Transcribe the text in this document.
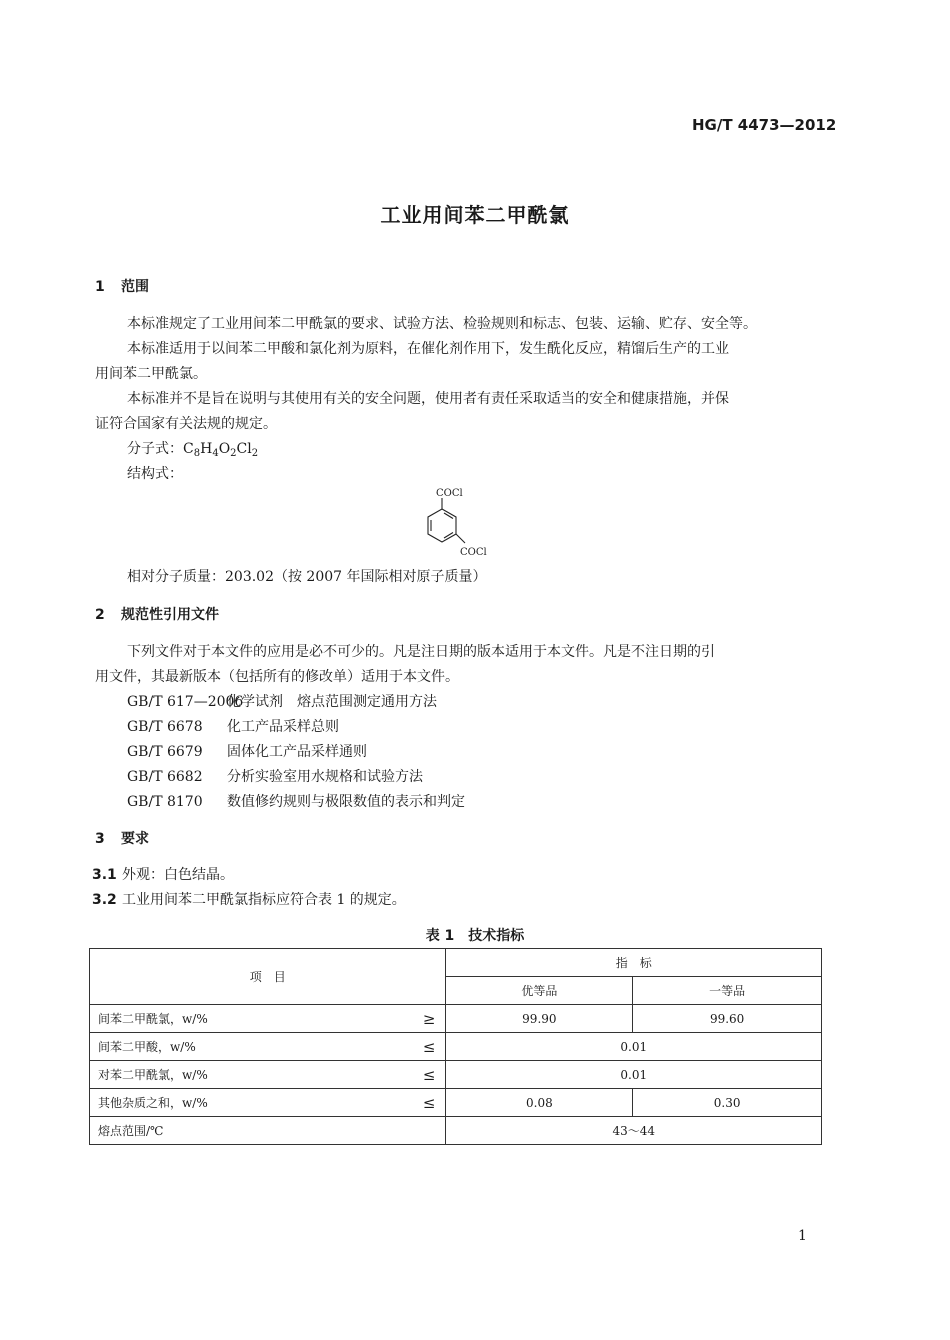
HG/T 4473—2012
工业用间苯二甲酰氯
1 范围
本标准规定了工业用间苯二甲酰氯的要求、试验方法、检验规则和标志、包装、运输、贮存、安全等。
本标准适用于以间苯二甲酸和氯化剂为原料，在催化剂作用下，发生酰化反应，精馏后生产的工业
用间苯二甲酰氯。
本标准并不是旨在说明与其使用有关的安全问题，使用者有责任采取适当的安全和健康措施，并保
证符合国家有关法规的规定。
分子式：$C_8H_4O_2Cl_2$
结构式：
COCl
COCl
相对分子质量：203.02（按 2007 年国际相对原子质量）
2 规范性引用文件
下列文件对于本文件的应用是必不可少的。凡是注日期的版本适用于本文件。凡是不注日期的引
用文件，其最新版本（包括所有的修改单）适用于本文件。
GB/T 617—2006化学试剂　熔点范围测定通用方法
GB/T 6678 化工产品采样总则
GB/T 6679 固体化工产品采样通则
GB/T 6682 分析实验室用水规格和试验方法
GB/T 8170 数值修约规则与极限数值的表示和判定
3 要求
3.1 外观：白色结晶。
3.2 工业用间苯二甲酰氯指标应符合表 1 的规定。
表 1　技术指标
项　目		指　标	
		优等品	一等品
间苯二甲酰氯，w/%	≥	99.90	99.60
间苯二甲酸，w/%	≤	0.01	
对苯二甲酰氯，w/%	≤	0.01	
其他杂质之和，w/%	≤	0.08	0.30
熔点范围/℃		43～44	
1
